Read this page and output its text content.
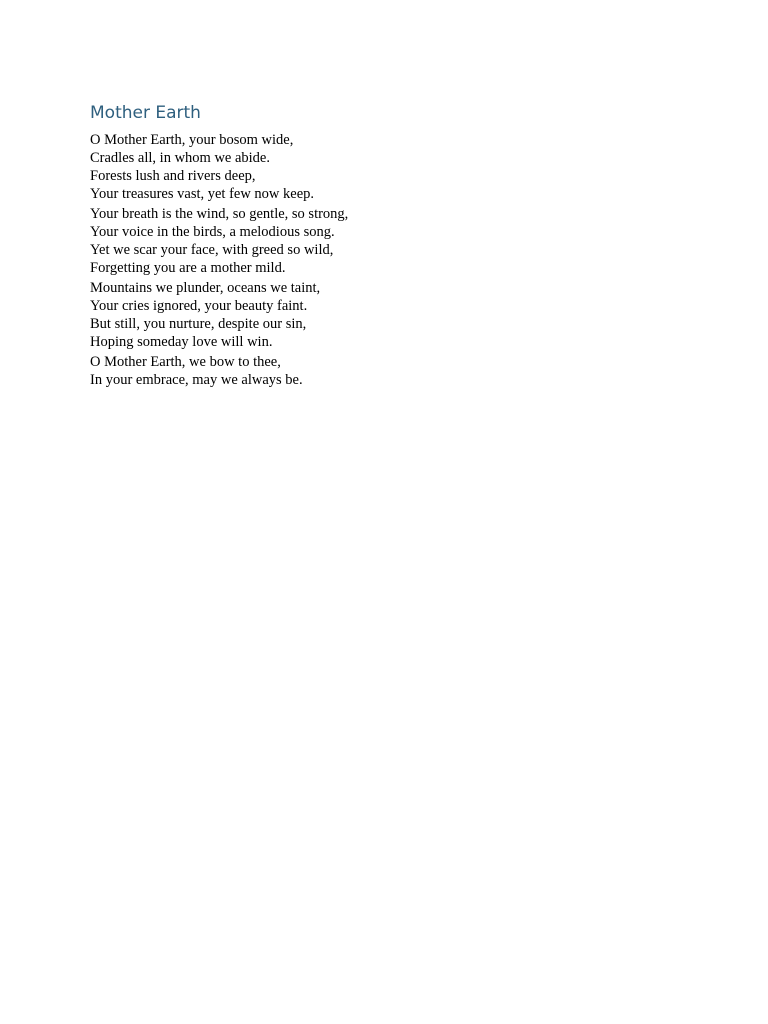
Mother Earth
O Mother Earth, your bosom wide,
Cradles all, in whom we abide.
Forests lush and rivers deep,
Your treasures vast, yet few now keep.
Your breath is the wind, so gentle, so strong,
Your voice in the birds, a melodious song.
Yet we scar your face, with greed so wild,
Forgetting you are a mother mild.
Mountains we plunder, oceans we taint,
Your cries ignored, your beauty faint.
But still, you nurture, despite our sin,
Hoping someday love will win.
O Mother Earth, we bow to thee,
In your embrace, may we always be.
